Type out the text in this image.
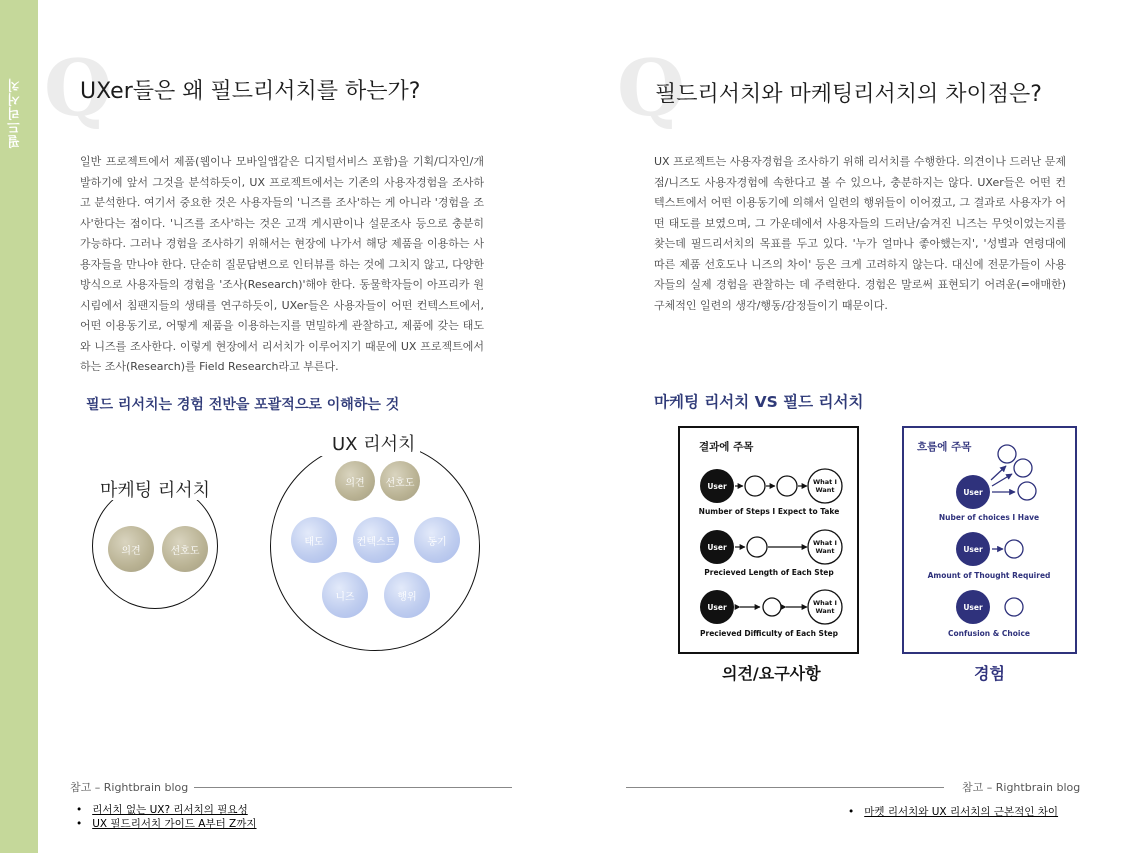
필드리서치 Q
UXer들은 왜 필드리서치를 하는가?
일반 프로젝트에서 제품(웹이나 모바일앱같은 디지털서비스 포함)을 기획/디자인/개발하기에 앞서 그것을 분석하듯이, UX 프로젝트에서는 기존의 사용자경험을 조사하고 분석한다. 여기서 중요한 것은 사용자들의 '니즈를 조사'하는 게 아니라 '경험을 조사'한다는 점이다. '니즈를 조사'하는 것은 고객 게시판이나 설문조사 등으로 충분히 가능하다. 그러나 경험을 조사하기 위해서는 현장에 나가서 해당 제품을 이용하는 사용자들을 만나야 한다. 단순히 질문답변으로 인터뷰를 하는 것에 그치지 않고, 다양한 방식으로 사용자들의 경험을 '조사(Research)'해야 한다. 동물학자들이 아프리카 원시림에서 침팬지들의 생태를 연구하듯이, UXer들은 사용자들이 어떤 컨텍스트에서, 어떤 이용동기로, 어떻게 제품을 이용하는지를 면밀하게 관찰하고, 제품에 갖는 태도와 니즈를 조사한다. 이렇게 현장에서 리서치가 이루어지기 때문에 UX 프로젝트에서 하는 조사(Research)를 Field Research라고 부른다.
필드 리서치는 경험 전반을 포괄적으로 이해하는 것
마케팅 리서치
의견	선호도
UX 리서치
의견	선호도
태도	컨텍스트	동기
니즈	행위
참고 – Rightbrain blog
• 리서치 없는 UX? 리서치의 필요성
• UX 필드리서치 가이드 A부터 Z까지
Q
필드리서치와 마케팅리서치의 차이점은?
UX 프로젝트는 사용자경험을 조사하기 위해 리서치를 수행한다. 의견이나 드러난 문제점/니즈도 사용자경험에 속한다고 볼 수 있으나, 충분하지는 않다. UXer들은 어떤 컨텍스트에서 어떤 이용동기에 의해서 일련의 행위들이 이어졌고, 그 결과로 사용자가 어떤 태도를 보였으며, 그 가운데에서 사용자들의 드러난/숨겨진 니즈는 무엇이었는지를 찾는데 필드리서치의 목표를 두고 있다. '누가 얼마나 좋아했는지', '성별과 연령대에 따른 제품 선호도나 니즈의 차이' 등은 크게 고려하지 않는다. 대신에 전문가들이 사용자들의 실제 경험을 관찰하는 데 주력한다. 경험은 말로써 표현되기 어려운(=애매한) 구체적인 일련의 생각/행동/감정들이기 때문이다.
마케팅 리서치 VS 필드 리서치
결과에 주목
User	What I
Want
Number of Steps I Expect to Take
User	What I
Want
Precieved Length of Each Step
User	What I
Want
Precieved Difficulty of Each Step
의견/요구사항
흐름에 주목
User
Nuber of choices I Have
User
Amount of Thought Required
User
Confusion & Choice
경험
참고 – Rightbrain blog
• 마켓 리서치와 UX 리서치의 근본적인 차이
